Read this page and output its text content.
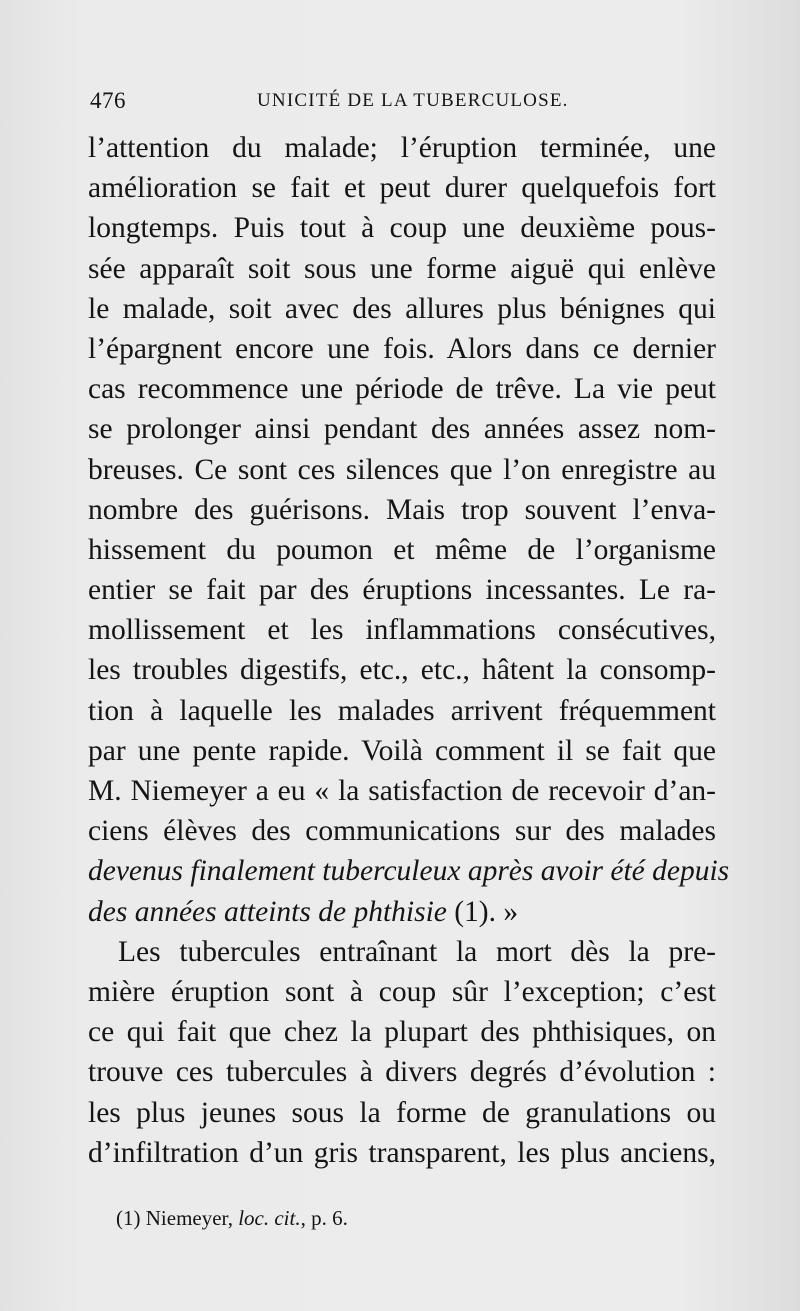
476	UNICITÉ DE LA TUBERCULOSE.
l’attention du malade; l’éruption terminée, une
amélioration se fait et peut durer quelquefois fort
longtemps. Puis tout à coup une deuxième pous-
sée apparaît soit sous une forme aiguë qui enlève
le malade, soit avec des allures plus bénignes qui
l’épargnent encore une fois. Alors dans ce dernier
cas recommence une période de trêve. La vie peut
se prolonger ainsi pendant des années assez nom-
breuses. Ce sont ces silences que l’on enregistre au
nombre des guérisons. Mais trop souvent l’enva-
hissement du poumon et même de l’organisme
entier se fait par des éruptions incessantes. Le ra-
mollissement et les inflammations consécutives,
les troubles digestifs, etc., etc., hâtent la consomp-
tion à laquelle les malades arrivent fréquemment
par une pente rapide. Voilà comment il se fait que
M. Niemeyer a eu « la satisfaction de recevoir d’an-
ciens élèves des communications sur des malades
devenus finalement tuberculeux après avoir été depuis
des années atteints de phthisie (1). »
Les tubercules entraînant la mort dès la pre-
mière éruption sont à coup sûr l’exception; c’est
ce qui fait que chez la plupart des phthisiques, on
trouve ces tubercules à divers degrés d’évolution :
les plus jeunes sous la forme de granulations ou
d’infiltration d’un gris transparent, les plus anciens,
(1) Niemeyer, loc. cit., p. 6.
